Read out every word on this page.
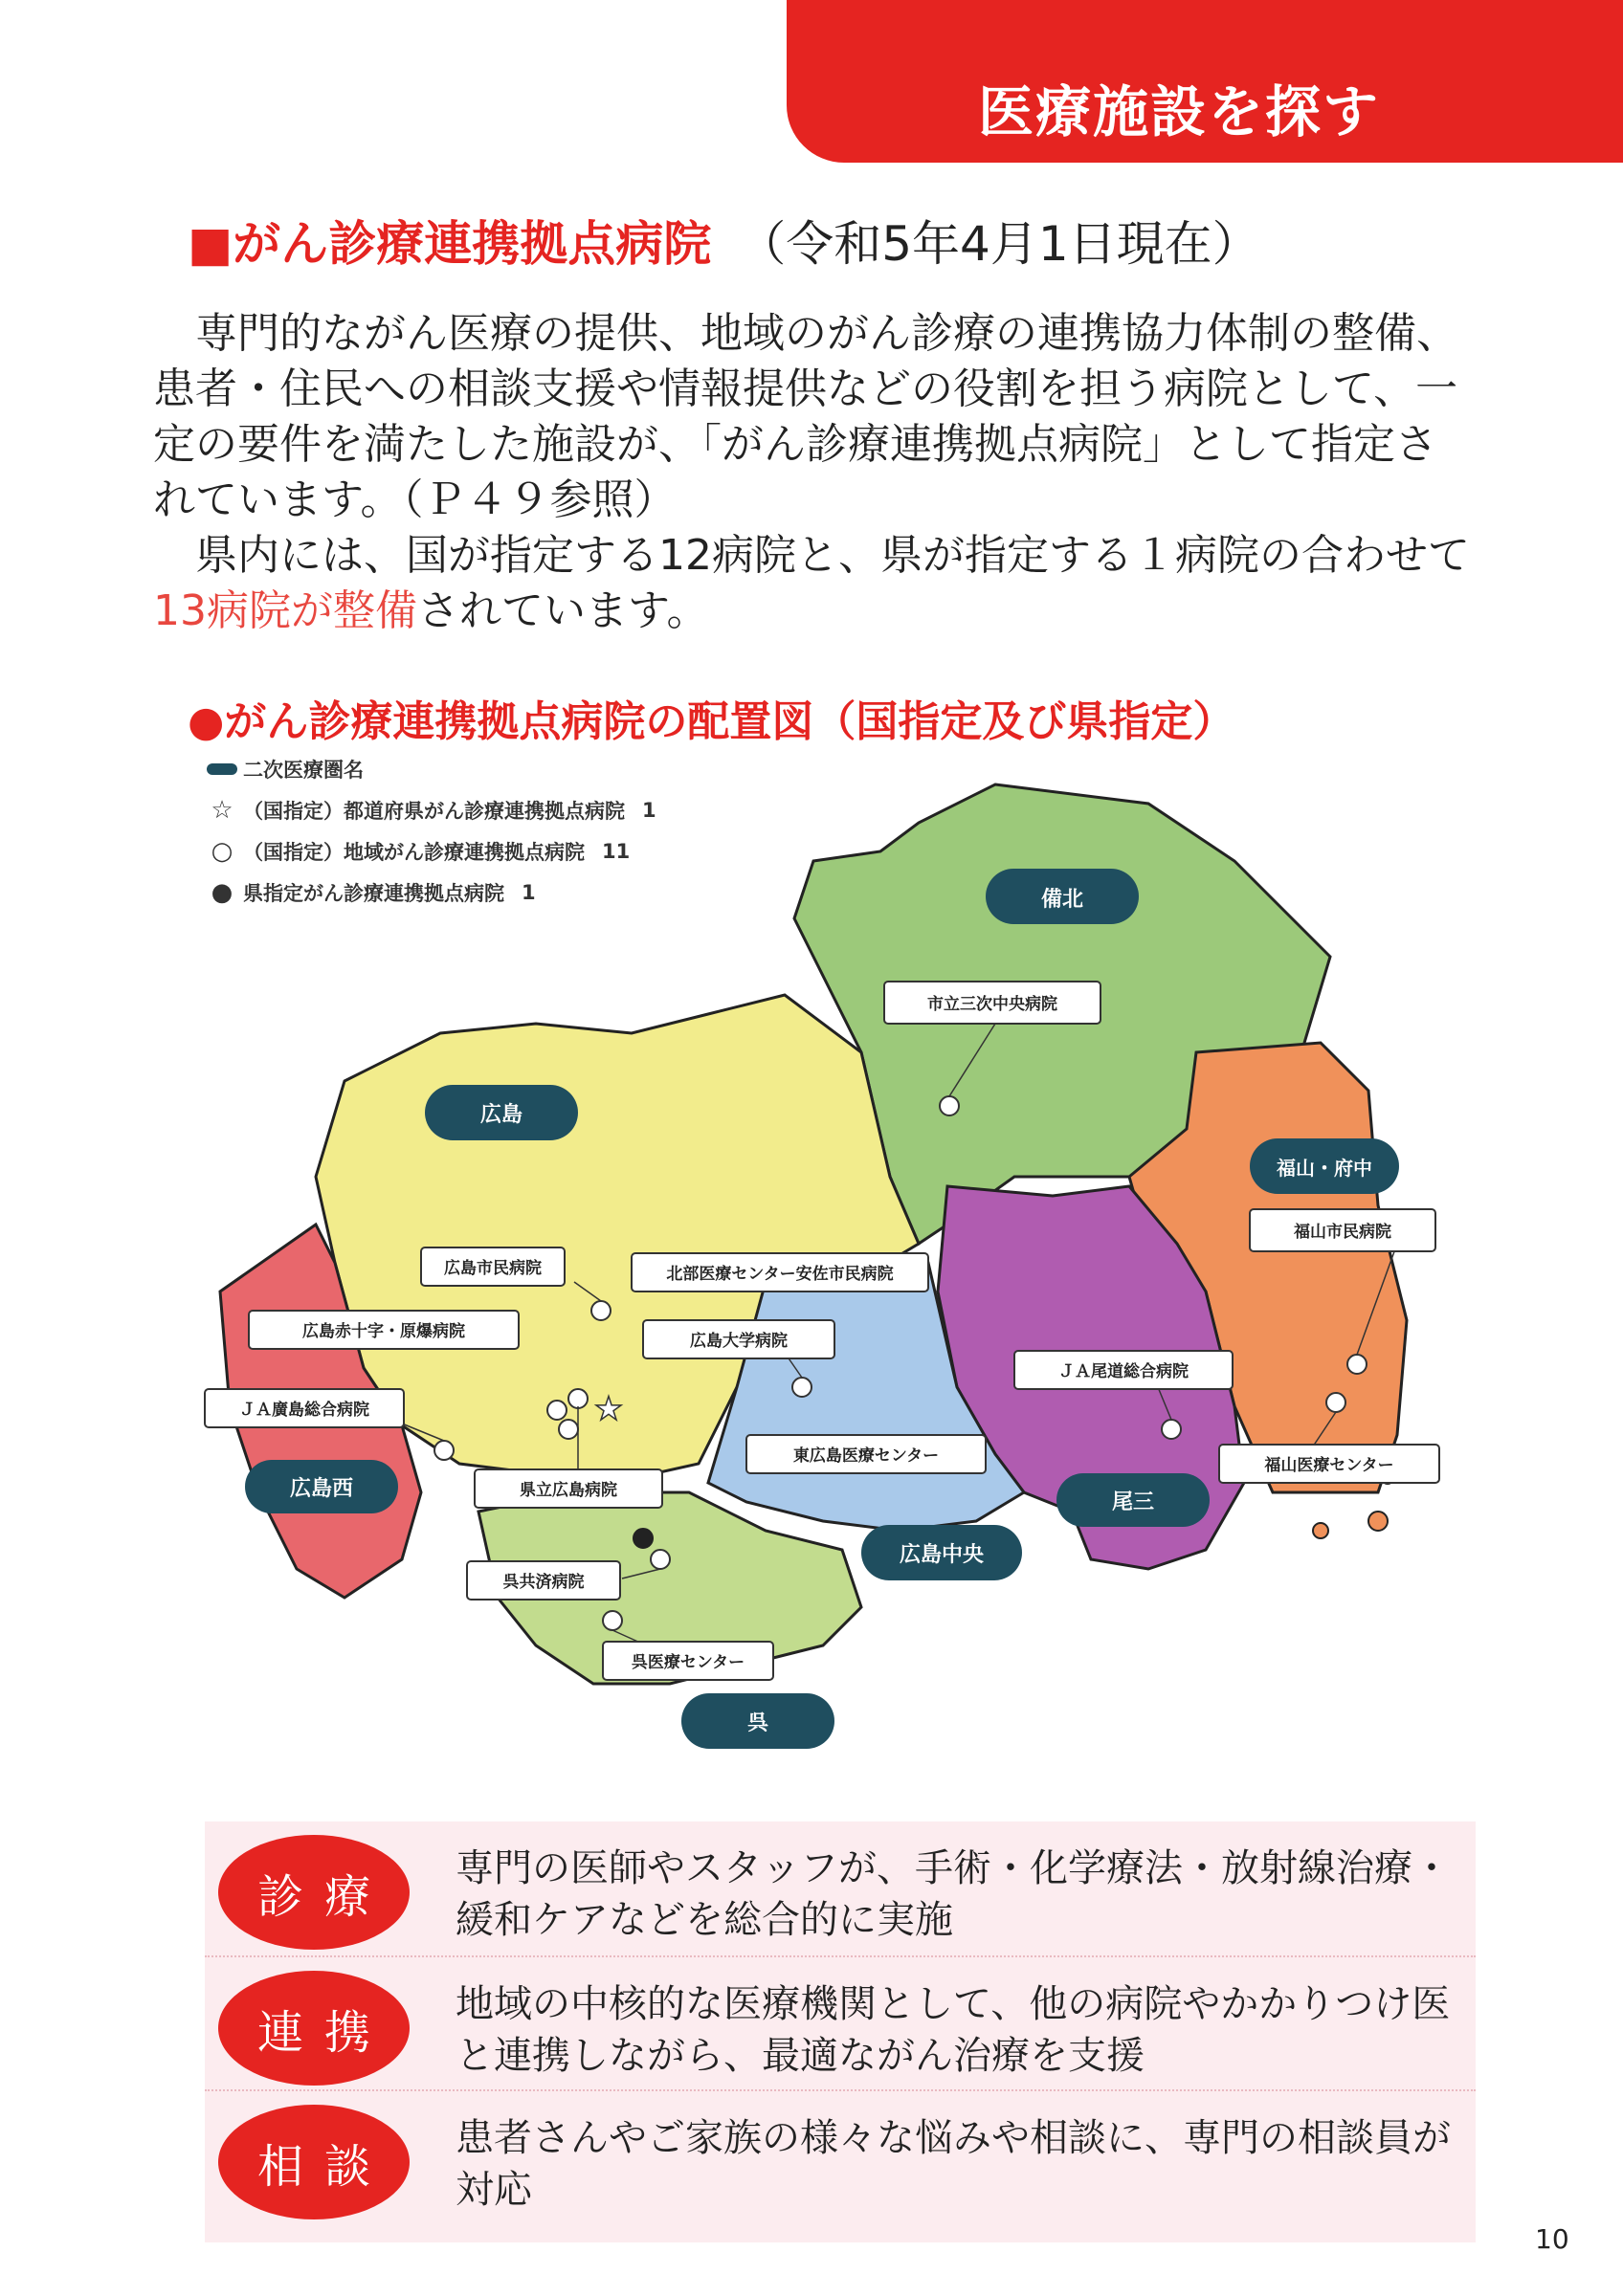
医療施設を探す
■がん診療連携拠点病院 （令和5年4月1日現在）

専門的ながん医療の提供、地域のがん診療の連携協力体制の整備、患者・住民への相談支援や情報提供などの役割を担う病院として、一定の要件を満たした施設が、「がん診療連携拠点病院」として指定されています。（Ｐ４９参照）

県内には、国が指定する12病院と、県が指定する１病院の合わせて13病院が整備されています。

●がん診療連携拠点病院の配置図（国指定及び県指定）
二次医療圏名
☆ （国指定）都道府県がん診療連携拠点病院 1
○ （国指定）地域がん診療連携拠点病院 11
● 県指定がん診療連携拠点病院 1
★
備北
広島
福山・府中
広島西
尾三
広島中央
呉
市立三次中央病院
広島市民病院	北部医療センター安佐市民病院
広島赤十字・原爆病院
福山市民病院
広島大学病院
ＪＡ尾道総合病院
ＪＡ廣島総合病院
東広島医療センター	福山医療センター
県立広島病院
呉共済病院
呉医療センター
診療
専門の医師やスタッフが、手術・化学療法・放射線治療・緩和ケアなどを総合的に実施
連携
地域の中核的な医療機関として、他の病院やかかりつけ医と連携しながら、最適ながん治療を支援
相談
患者さんやご家族の様々な悩みや相談に、専門の相談員が対応
10
